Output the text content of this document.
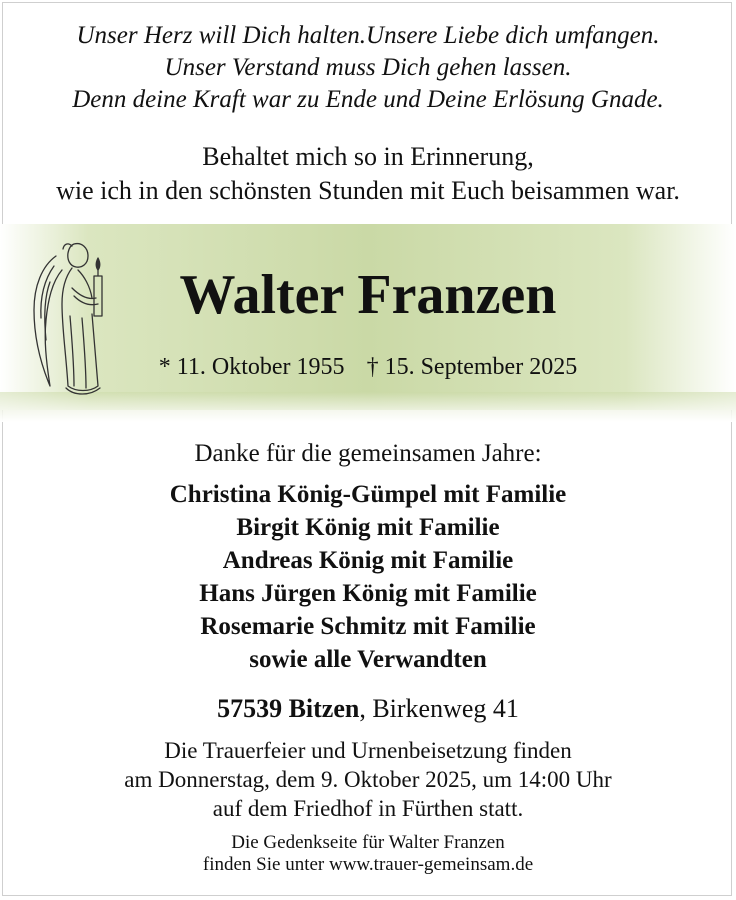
Unser Herz will Dich halten.Unsere Liebe dich umfangen.
Unser Verstand muss Dich gehen lassen.
Denn deine Kraft war zu Ende und Deine Erlösung Gnade.
Behaltet mich so in Erinnerung,
wie ich in den schönsten Stunden mit Euch beisammen war.
Walter Franzen
* 11. Oktober 1955 † 15. September 2025
Danke für die gemeinsamen Jahre:
Christina König-Gümpel mit Familie
Birgit König mit Familie
Andreas König mit Familie
Hans Jürgen König mit Familie
Rosemarie Schmitz mit Familie
sowie alle Verwandten
57539 Bitzen, Birkenweg 41
Die Trauerfeier und Urnenbeisetzung finden
am Donnerstag, dem 9. Oktober 2025, um 14:00 Uhr
auf dem Friedhof in Fürthen statt.
Die Gedenkseite für Walter Franzen
finden Sie unter www.trauer-gemeinsam.de
